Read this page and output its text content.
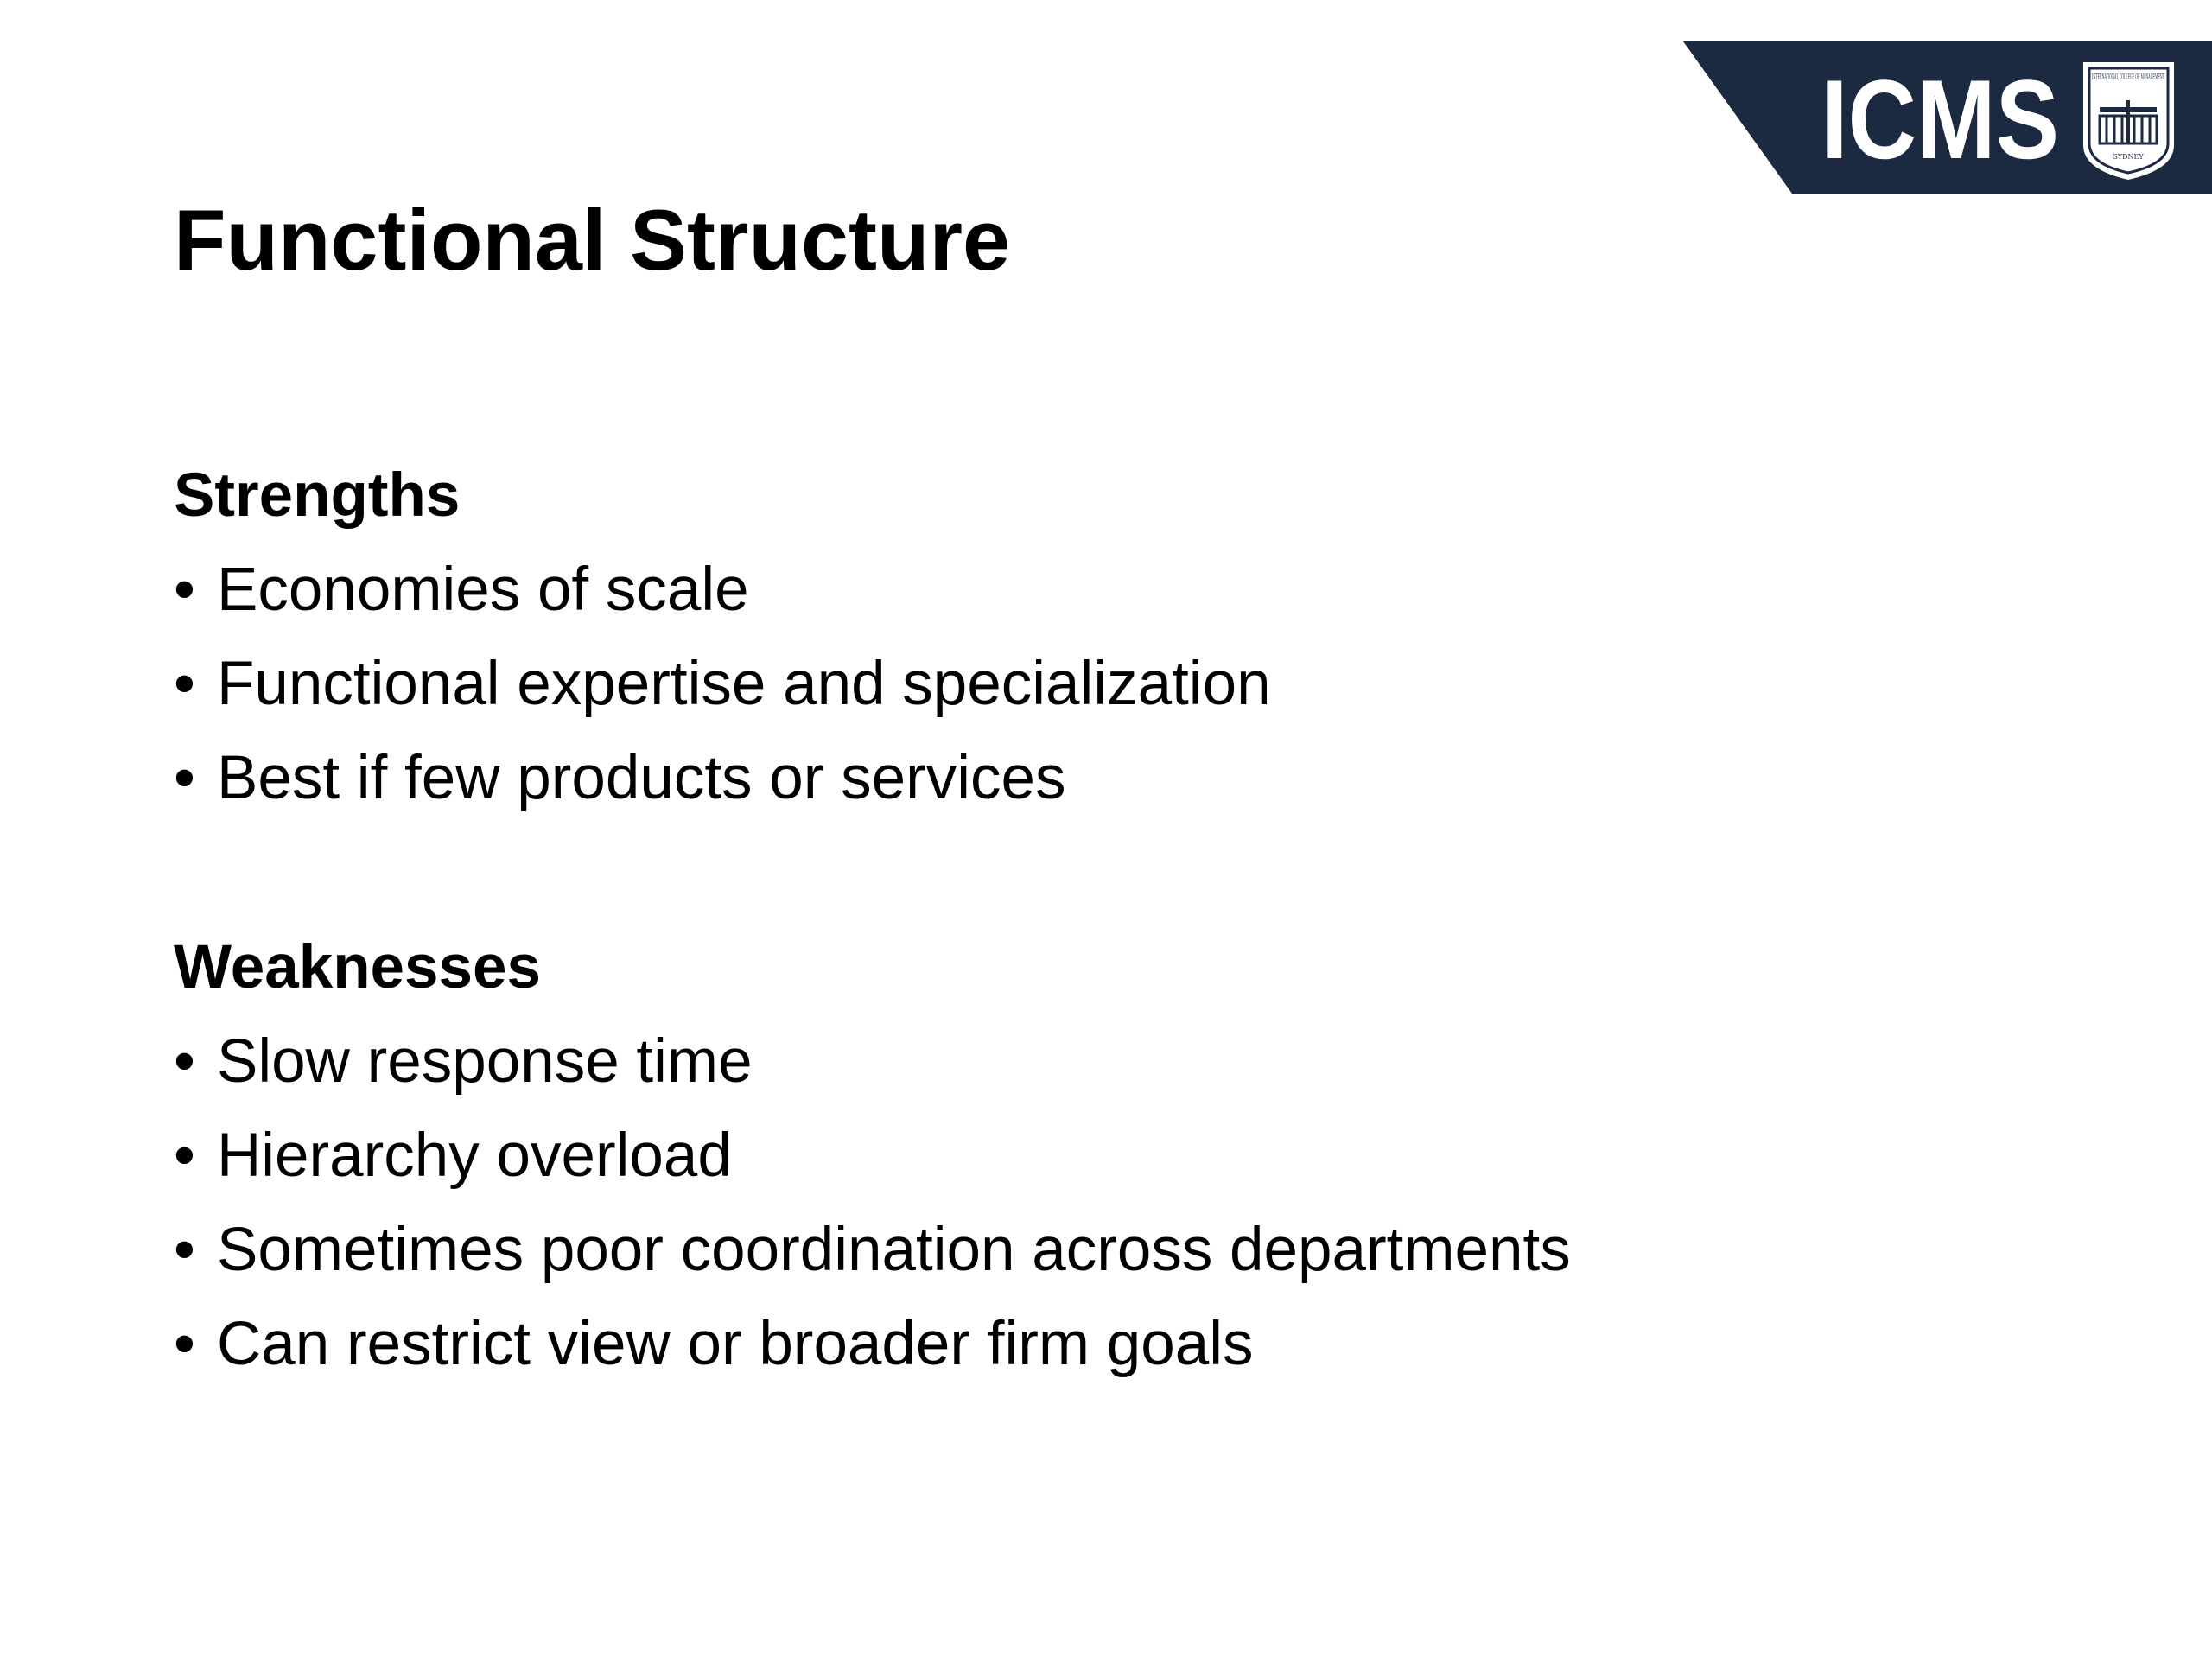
ICMS	INTERNATIONAL COLLEGE OF MANAGEMENT
SYDNEY
Functional Structure
Strengths
• Economies of scale
• Functional expertise and specialization
• Best if few products or services
Weaknesses
• Slow response time
• Hierarchy overload
• Sometimes poor coordination across departments
• Can restrict view or broader firm goals
